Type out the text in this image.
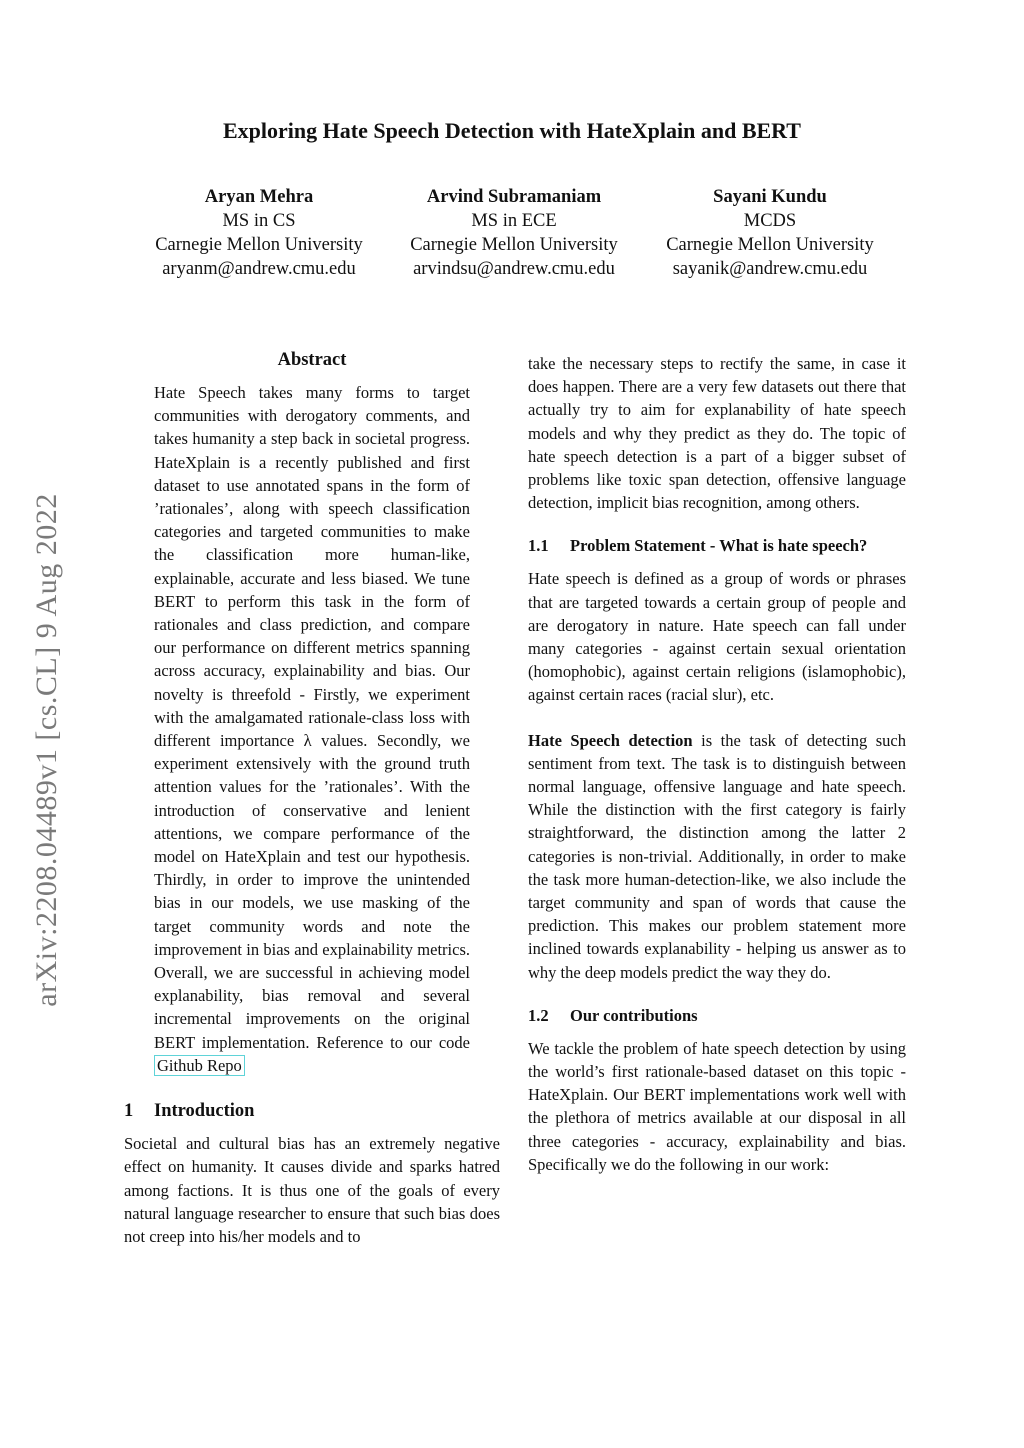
arXiv:2208.04489v1 [cs.CL] 9 Aug 2022
Exploring Hate Speech Detection with HateXplain and BERT
Aryan Mehra
MS in CS
Carnegie Mellon University
aryanm@andrew.cmu.edu
Arvind Subramaniam
MS in ECE
Carnegie Mellon University
arvindsu@andrew.cmu.edu
Sayani Kundu
MCDS
Carnegie Mellon University
sayanik@andrew.cmu.edu
Abstract

Hate Speech takes many forms to target communities with derogatory comments, and takes humanity a step back in societal progress. HateXplain is a recently published and first dataset to use annotated spans in the form of ’rationales’, along with speech classification categories and targeted communities to make the classification more human-like, explainable, accurate and less biased. We tune BERT to perform this task in the form of rationales and class prediction, and compare our performance on different metrics spanning across accuracy, explainability and bias. Our novelty is threefold - Firstly, we experiment with the amalgamated rationale-class loss with different importance λ values. Secondly, we experiment extensively with the ground truth attention values for the ’rationales’. With the introduction of conservative and lenient attentions, we compare performance of the model on HateXplain and test our hypothesis. Thirdly, in order to improve the unintended bias in our models, we use masking of the target community words and note the improvement in bias and explainability metrics. Overall, we are successful in achieving model explanability, bias removal and several incremental improvements on the original BERT implementation. Reference to our code Github Repo

1 Introduction

Societal and cultural bias has an extremely negative effect on humanity. It causes divide and sparks hatred among factions. It is thus one of the goals of every natural language researcher to ensure that such bias does not creep into his/her models and to

take the necessary steps to rectify the same, in case it does happen. There are a very few datasets out there that actually try to aim for explanability of hate speech models and why they predict as they do. The topic of hate speech detection is a part of a bigger subset of problems like toxic span detection, offensive language detection, implicit bias recognition, among others.

1.1	Problem Statement - What is hate speech?

Hate speech is defined as a group of words or phrases that are targeted towards a certain group of people and are derogatory in nature. Hate speech can fall under many categories - against certain sexual orientation (homophobic), against certain religions (islamophobic), against certain races (racial slur), etc.

Hate Speech detection is the task of detecting such sentiment from text. The task is to distinguish between normal language, offensive language and hate speech. While the distinction with the first category is fairly straightforward, the distinction among the latter 2 categories is non-trivial. Additionally, in order to make the task more human-detection-like, we also include the target community and span of words that cause the prediction. This makes our problem statement more inclined towards explanability - helping us answer as to why the deep models predict the way they do.

1.2	Our contributions

We tackle the problem of hate speech detection by using the world’s first rationale-based dataset on this topic - HateXplain. Our BERT implementations work well with the plethora of metrics available at our disposal in all three categories - accuracy, explainability and bias. Specifically we do the following in our work:
